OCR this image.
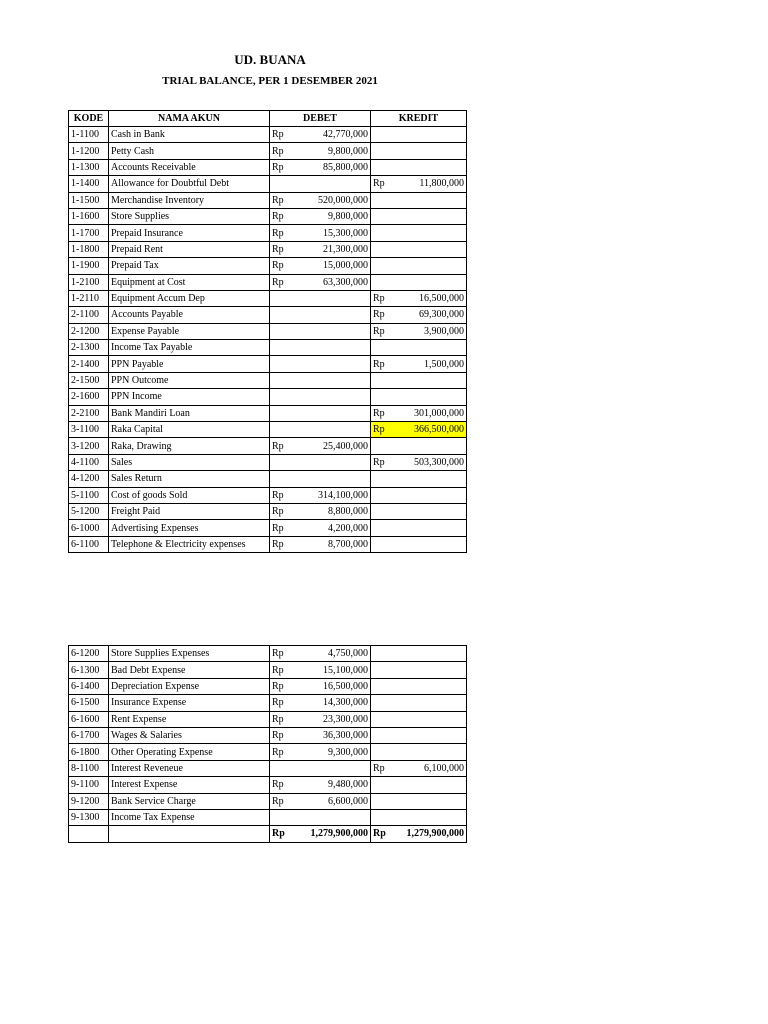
UD. BUANA
TRIAL BALANCE, PER 1 DESEMBER 2021
KODE	NAMA AKUN	DEBET		KREDIT	
1-1100	Cash in Bank	Rp	42,770,000		
1-1200	Petty Cash	Rp	9,800,000		
1-1300	Accounts Receivable	Rp	85,800,000		
1-1400	Allowance for Doubtful Debt			Rp	11,800,000
1-1500	Merchandise Inventory	Rp	520,000,000		
1-1600	Store Supplies	Rp	9,800,000		
1-1700	Prepaid Insurance	Rp	15,300,000		
1-1800	Prepaid Rent	Rp	21,300,000		
1-1900	Prepaid Tax	Rp	15,000,000		
1-2100	Equipment at Cost	Rp	63,300,000		
1-2110	Equipment Accum Dep			Rp	16,500,000
2-1100	Accounts Payable			Rp	69,300,000
2-1200	Expense Payable			Rp	3,900,000
2-1300	Income Tax Payable				
2-1400	PPN Payable			Rp	1,500,000
2-1500	PPN Outcome				
2-1600	PPN Income				
2-2100	Bank Mandiri Loan			Rp	301,000,000
3-1100	Raka Capital			Rp	366,500,000
3-1200	Raka, Drawing	Rp	25,400,000		
4-1100	Sales			Rp	503,300,000
4-1200	Sales Return				
5-1100	Cost of goods Sold	Rp	314,100,000		
5-1200	Freight Paid	Rp	8,800,000		
6-1000	Advertising Expenses	Rp	4,200,000		
6-1100	Telephone & Electricity expenses	Rp	8,700,000		
6-1200	Store Supplies Expenses	Rp	4,750,000		
6-1300	Bad Debt Expense	Rp	15,100,000		
6-1400	Depreciation Expense	Rp	16,500,000		
6-1500	Insurance Expense	Rp	14,300,000		
6-1600	Rent Expense	Rp	23,300,000		
6-1700	Wages & Salaries	Rp	36,300,000		
6-1800	Other Operating Expense	Rp	9,300,000		
8-1100	Interest Reveneue			Rp	6,100,000
9-1100	Interest Expense	Rp	9,480,000		
9-1200	Bank Service Charge	Rp	6,600,000		
9-1300	Income Tax Expense				
		Rp	1,279,900,000	Rp	1,279,900,000
